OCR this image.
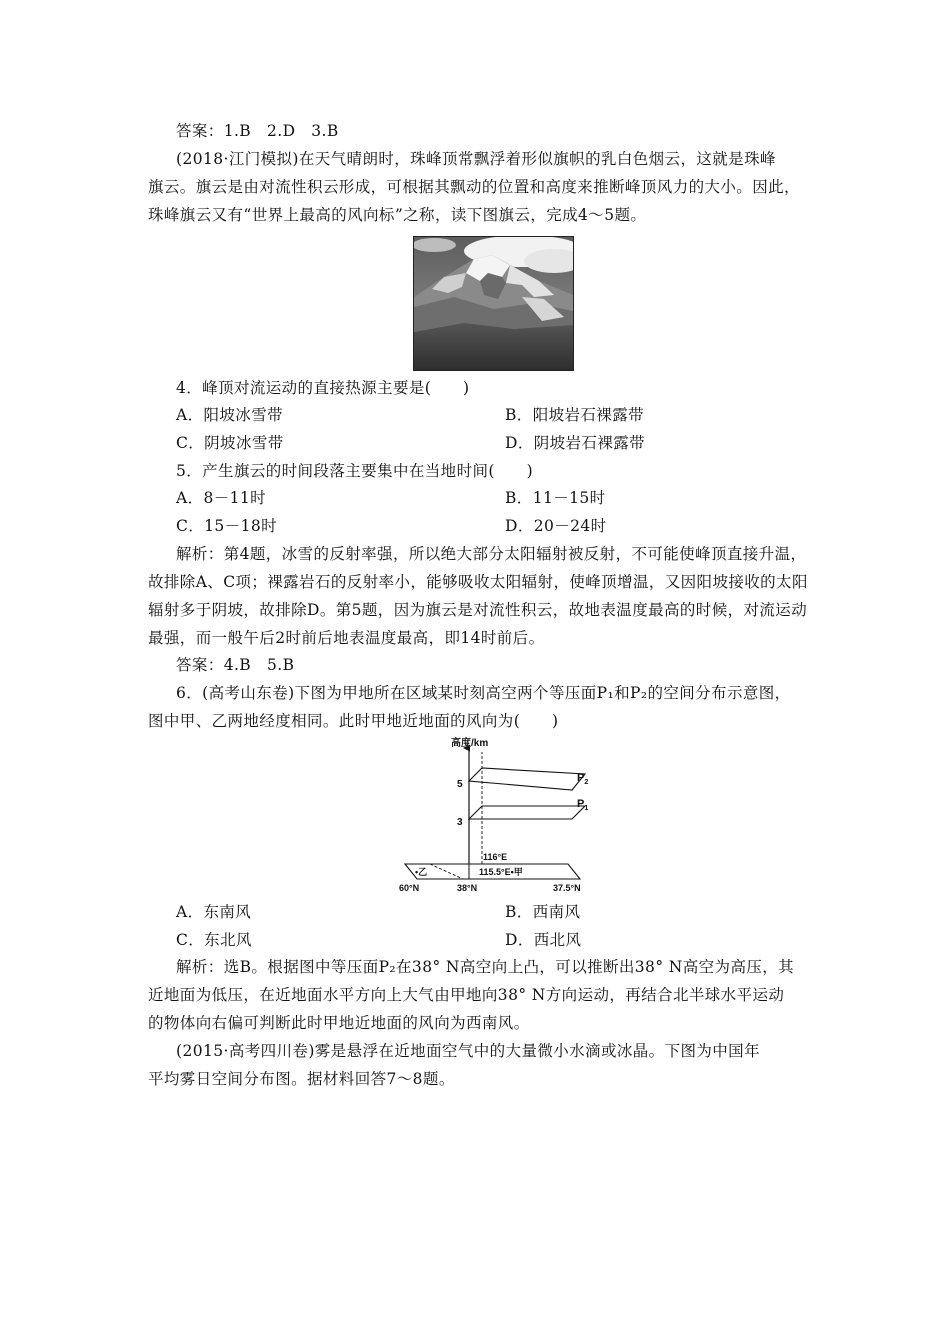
答案：1.B　2.D　3.B
(2018·江门模拟)在天气晴朗时，珠峰顶常飘浮着形似旗帜的乳白色烟云，这就是珠峰
旗云。旗云是由对流性积云形成，可根据其飘动的位置和高度来推断峰顶风力的大小。因此，
珠峰旗云又有“世界上最高的风向标”之称，读下图旗云，完成4～5题。
4．峰顶对流运动的直接热源主要是(　　)
A．阳坡冰雪带	B．阳坡岩石裸露带
C．阴坡冰雪带	D．阴坡岩石裸露带
5．产生旗云的时间段落主要集中在当地时间(　　)
A．8－11时	B．11－15时
C．15－18时	D．20－24时
解析：第4题，冰雪的反射率强，所以绝大部分太阳辐射被反射，不可能使峰顶直接升温，
故排除A、C项；裸露岩石的反射率小，能够吸收太阳辐射，使峰顶增温，又因阳坡接收的太阳
辐射多于阴坡，故排除D。第5题，因为旗云是对流性积云，故地表温度最高的时候，对流运动
最强，而一般午后2时前后地表温度最高，即14时前后。
答案：4.B　5.B
6．(高考山东卷)下图为甲地所在区域某时刻高空两个等压面P₁和P₂的空间分布示意图，
图中甲、乙两地经度相同。此时甲地近地面的风向为(　　)
高度/km
5
3
$P_2$
$P_1$
116°E
•乙	115.5°E•甲
60°N	38°N	37.5°N
A．东南风	B．西南风
C．东北风	D．西北风
解析：选B。根据图中等压面P₂在38° N高空向上凸，可以推断出38° N高空为高压，其
近地面为低压，在近地面水平方向上大气由甲地向38° N方向运动，再结合北半球水平运动
的物体向右偏可判断此时甲地近地面的风向为西南风。
(2015·高考四川卷)雾是悬浮在近地面空气中的大量微小水滴或冰晶。下图为中国年
平均雾日空间分布图。据材料回答7～8题。
